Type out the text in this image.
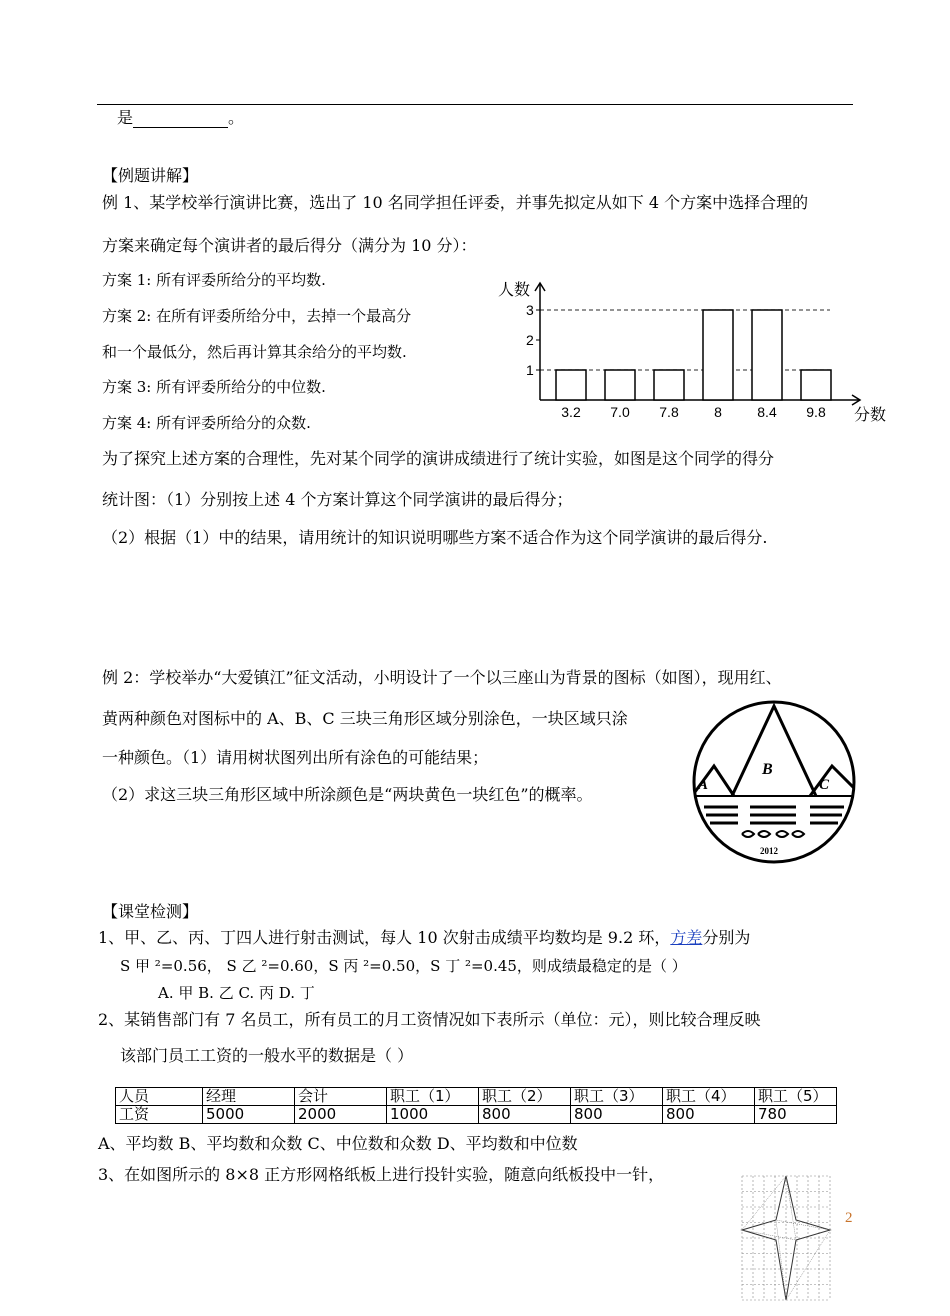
是	。
【例题讲解】
例 1、某学校举行演讲比赛，选出了 10 名同学担任评委，并事先拟定从如下 4 个方案中选择合理的
方案来确定每个演讲者的最后得分（满分为 10 分）：
方案 1: 所有评委所给分的平均数.
方案 2: 在所有评委所给分中，去掉一个最高分
和一个最低分，然后再计算其余给分的平均数.
方案 3: 所有评委所给分的中位数.
方案 4: 所有评委所给分的众数.
为了探究上述方案的合理性，先对某个同学的演讲成绩进行了统计实验，如图是这个同学的得分
统计图：（1）分别按上述 4 个方案计算这个同学演讲的最后得分；
（2）根据（1）中的结果，请用统计的知识说明哪些方案不适合作为这个同学演讲的最后得分.
1
2
3
人数
分数
3.2 7.0 7.8	8	8.4 9.8
例 2：学校举办“大爱镇江”征文活动，小明设计了一个以三座山为背景的图标（如图），现用红、
黄两种颜色对图标中的 A、B、C 三块三角形区域分别涂色，一块区域只涂
一种颜色。（1）请用树状图列出所有涂色的可能结果；
（2）求这三块三角形区域中所涂颜色是“两块黄色一块红色”的概率。	A
B
C
2012
【课堂检测】
1、甲、乙、丙、丁四人进行射击测试，每人 10 次射击成绩平均数均是 9.2 环，方差分别为
S 甲 ²=0.56， S 乙 ²=0.60，S 丙 ²=0.50，S 丁 ²=0.45，则成绩最稳定的是（ ）
A. 甲 B. 乙 C. 丙 D. 丁
2、某销售部门有 7 名员工，所有员工的月工资情况如下表所示（单位：元），则比较合理反映
该部门员工工资的一般水平的数据是（ ）
人员	经理	会计	职工（1）	职工（2）	职工（3）	职工（4）	职工（5）
工资	5000	2000	1000	800	800	800	780
A、平均数 B、平均数和众数 C、中位数和众数 D、平均数和中位数
3、在如图所示的 8×8 正方形网格纸板上进行投针实验，随意向纸板投中一针，
2
